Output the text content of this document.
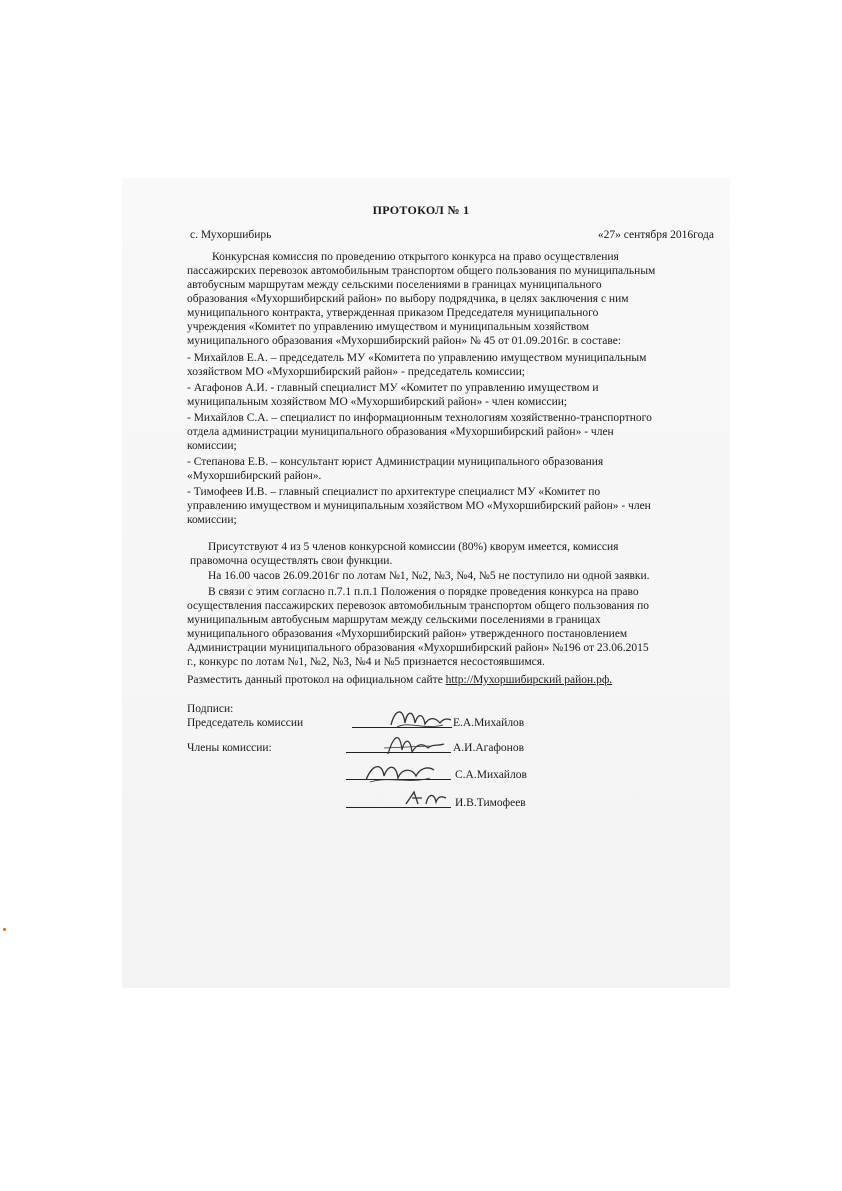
ПРОТОКОЛ № 1
с. Мухоршибирь	«27» сентября 2016года
Конкурсная комиссия по проведению открытого конкурса на право осуществления
пассажирских перевозок автомобильным транспортом общего пользования по муниципальным
автобусным маршрутам между сельскими поселениями в границах муниципального
образования «Мухоршибирский район» по выбору подрядчика, в целях заключения с ним
муниципального контракта, утвержденная приказом Председателя муниципального
учреждения «Комитет по управлению имуществом и муниципальным хозяйством
муниципального образования «Мухоршибирский район» № 45 от 01.09.2016г. в составе:
- Михайлов Е.А. – председатель МУ «Комитета по управлению имуществом муниципальным
хозяйством МО «Мухоршибирский район» - председатель комиссии;
- Агафонов А.И. - главный специалист МУ «Комитет по управлению имуществом и
муниципальным хозяйством МО «Мухоршибирский район» - член комиссии;
- Михайлов С.А. – специалист по информационным технологиям хозяйственно-транспортного
отдела администрации муниципального образования «Мухоршибирский район» - член
комиссии;
- Степанова Е.В. – консультант юрист Администрации муниципального образования
«Мухоршибирский район».
- Тимофеев И.В. – главный специалист по архитектуре специалист МУ «Комитет по
управлению имуществом и муниципальным хозяйством МО «Мухоршибирский район» - член
комиссии;
Присутствуют 4 из 5 членов конкурсной комиссии (80%) кворум имеется, комиссия
правомочна осуществлять свои функции.
На 16.00 часов 26.09.2016г по лотам №1, №2, №3, №4, №5 не поступило ни одной заявки.
В связи с этим согласно п.7.1 п.п.1 Положения о порядке проведения конкурса на право
осуществления пассажирских перевозок автомобильным транспортом общего пользования по
муниципальным автобусным маршрутам между сельскими поселениями в границах
муниципального образования «Мухоршибирский район» утвержденного постановлением
Администрации муниципального образования «Мухоршибирский район» №196 от 23.06.2015
г., конкурс по лотам №1, №2, №3, №4 и №5 признается несостоявшимся.
Разместить данный протокол на официальном сайте http://Мухоршибирский район.рф.
Подписи:
Председатель комиссии
Члены комиссии:
Е.А.Михайлов
А.И.Агафонов
С.А.Михайлов
И.В.Тимофеев
